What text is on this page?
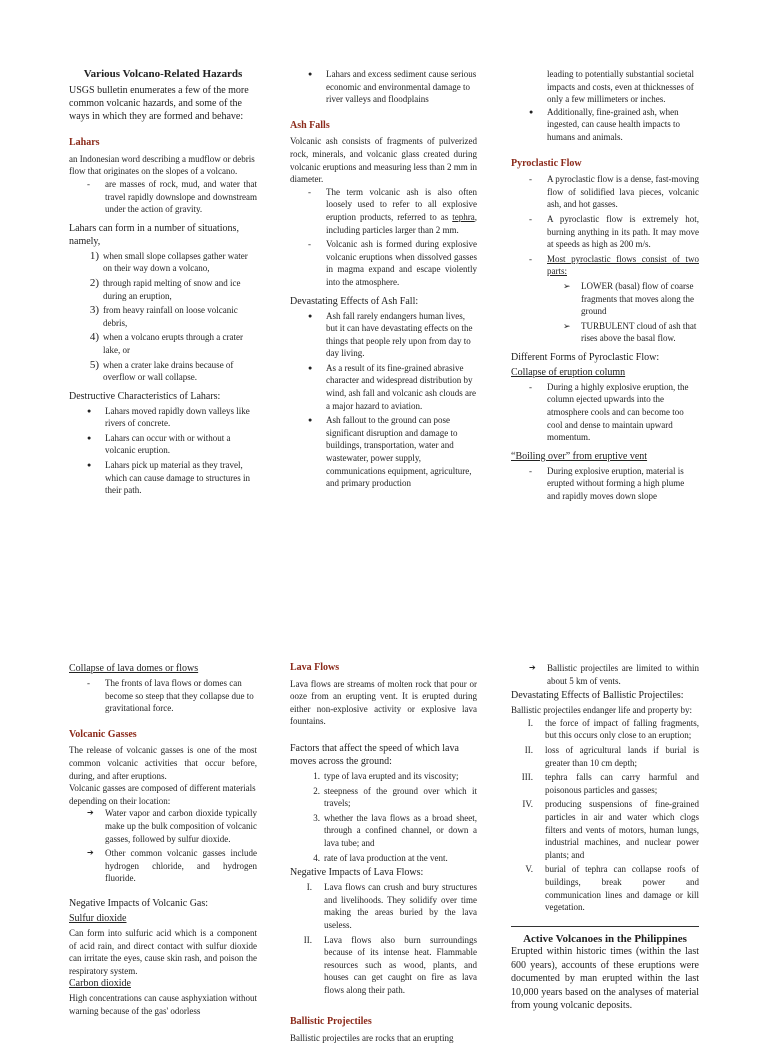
Various Volcano-Related Hazards
USGS bulletin enumerates a few of the more common volcanic hazards, and some of the ways in which they are formed and behave:
Lahars
an Indonesian word describing a mudflow or debris flow that originates on the slopes of a volcano.
- are masses of rock, mud, and water that travel rapidly downslope and downstream under the action of gravity.
Lahars can form in a number of situations, namely,
1) when small slope collapses gather water on their way down a volcano,
2) through rapid melting of snow and ice during an eruption,
3) from heavy rainfall on loose volcanic debris,
4) when a volcano erupts through a crater lake, or
5) when a crater lake drains because of overflow or wall collapse.
Destructive Characteristics of Lahars:
● Lahars moved rapidly down valleys like rivers of concrete.
● Lahars can occur with or without a volcanic eruption.
● Lahars pick up material as they travel, which can cause damage to structures in their path.
● Lahars and excess sediment cause serious economic and environmental damage to river valleys and floodplains
Ash Falls
Volcanic ash consists of fragments of pulverized rock, minerals, and volcanic glass created during volcanic eruptions and measuring less than 2 mm in diameter.
- The term volcanic ash is also often loosely used to refer to all explosive eruption products, referred to as tephra, including particles larger than 2 mm.
- Volcanic ash is formed during explosive volcanic eruptions when dissolved gasses in magma expand and escape violently into the atmosphere.
Devastating Effects of Ash Fall:
● Ash fall rarely endangers human lives, but it can have devastating effects on the things that people rely upon from day to day living.
● As a result of its fine-grained abrasive character and widespread distribution by wind, ash fall and volcanic ash clouds are a major hazard to aviation.
● Ash fallout to the ground can pose significant disruption and damage to buildings, transportation, water and wastewater, power supply, communications equipment, agriculture, and primary production
leading to potentially substantial societal impacts and costs, even at thicknesses of only a few millimeters or inches.
● Additionally, fine-grained ash, when ingested, can cause health impacts to humans and animals.
Pyroclastic Flow
- A pyroclastic flow is a dense, fast-moving flow of solidified lava pieces, volcanic ash, and hot gasses.
- A pyroclastic flow is extremely hot, burning anything in its path. It may move at speeds as high as 200 m/s.
- Most pyroclastic flows consist of two parts:
➢ LOWER (basal) flow of coarse fragments that moves along the ground
➢ TURBULENT cloud of ash that rises above the basal flow.
Different Forms of Pyroclastic Flow:
Collapse of eruption column
- During a highly explosive eruption, the column ejected upwards into the atmosphere cools and can become too cool and dense to maintain upward momentum.
“Boiling over” from eruptive vent
- During explosive eruption, material is erupted without forming a high plume and rapidly moves down slope
Collapse of lava domes or flows
- The fronts of lava flows or domes can become so steep that they collapse due to gravitational force.
Volcanic Gasses
The release of volcanic gasses is one of the most common volcanic activities that occur before, during, and after eruptions.
Volcanic gasses are composed of different materials depending on their location:
➔ Water vapor and carbon dioxide typically make up the bulk composition of volcanic gasses, followed by sulfur dioxide.
➔ Other common volcanic gasses include hydrogen chloride, and hydrogen fluoride.
Negative Impacts of Volcanic Gas:
Sulfur dioxide
Can form into sulfuric acid which is a component of acid rain, and direct contact with sulfur dioxide can irritate the eyes, cause skin rash, and poison the respiratory system.
Carbon dioxide
High concentrations can cause asphyxiation without warning because of the gas' odorless
Lava Flows
Lava flows are streams of molten rock that pour or ooze from an erupting vent. It is erupted during either non-explosive activity or explosive lava fountains.
Factors that affect the speed of which lava moves across the ground:
1. type of lava erupted and its viscosity;
2. steepness of the ground over which it travels;
3. whether the lava flows as a broad sheet, through a confined channel, or down a lava tube; and
4. rate of lava production at the vent.
Negative Impacts of Lava Flows:
I. Lava flows can crush and bury structures and livelihoods. They solidify over time making the areas buried by the lava useless.
II. Lava flows also burn surroundings because of its intense heat. Flammable resources such as wood, plants, and houses can get caught on fire as lava flows along their path.
Ballistic Projectiles
Ballistic projectiles are rocks that an erupting
➔ Ballistic projectiles are limited to within about 5 km of vents.
Devastating Effects of Ballistic Projectiles:
Ballistic projectiles endanger life and property by:
I. the force of impact of falling fragments, but this occurs only close to an eruption;
II. loss of agricultural lands if burial is greater than 10 cm depth;
III. tephra falls can carry harmful and poisonous particles and gasses;
IV. producing suspensions of fine-grained particles in air and water which clogs filters and vents of motors, human lungs, industrial machines, and nuclear power plants; and
V. burial of tephra can collapse roofs of buildings, break power and communication lines and damage or kill vegetation.
Active Volcanoes in the Philippines
Erupted within historic times (within the last 600 years), accounts of these eruptions were documented by man erupted within the last 10,000 years based on the analyses of material from young volcanic deposits.
